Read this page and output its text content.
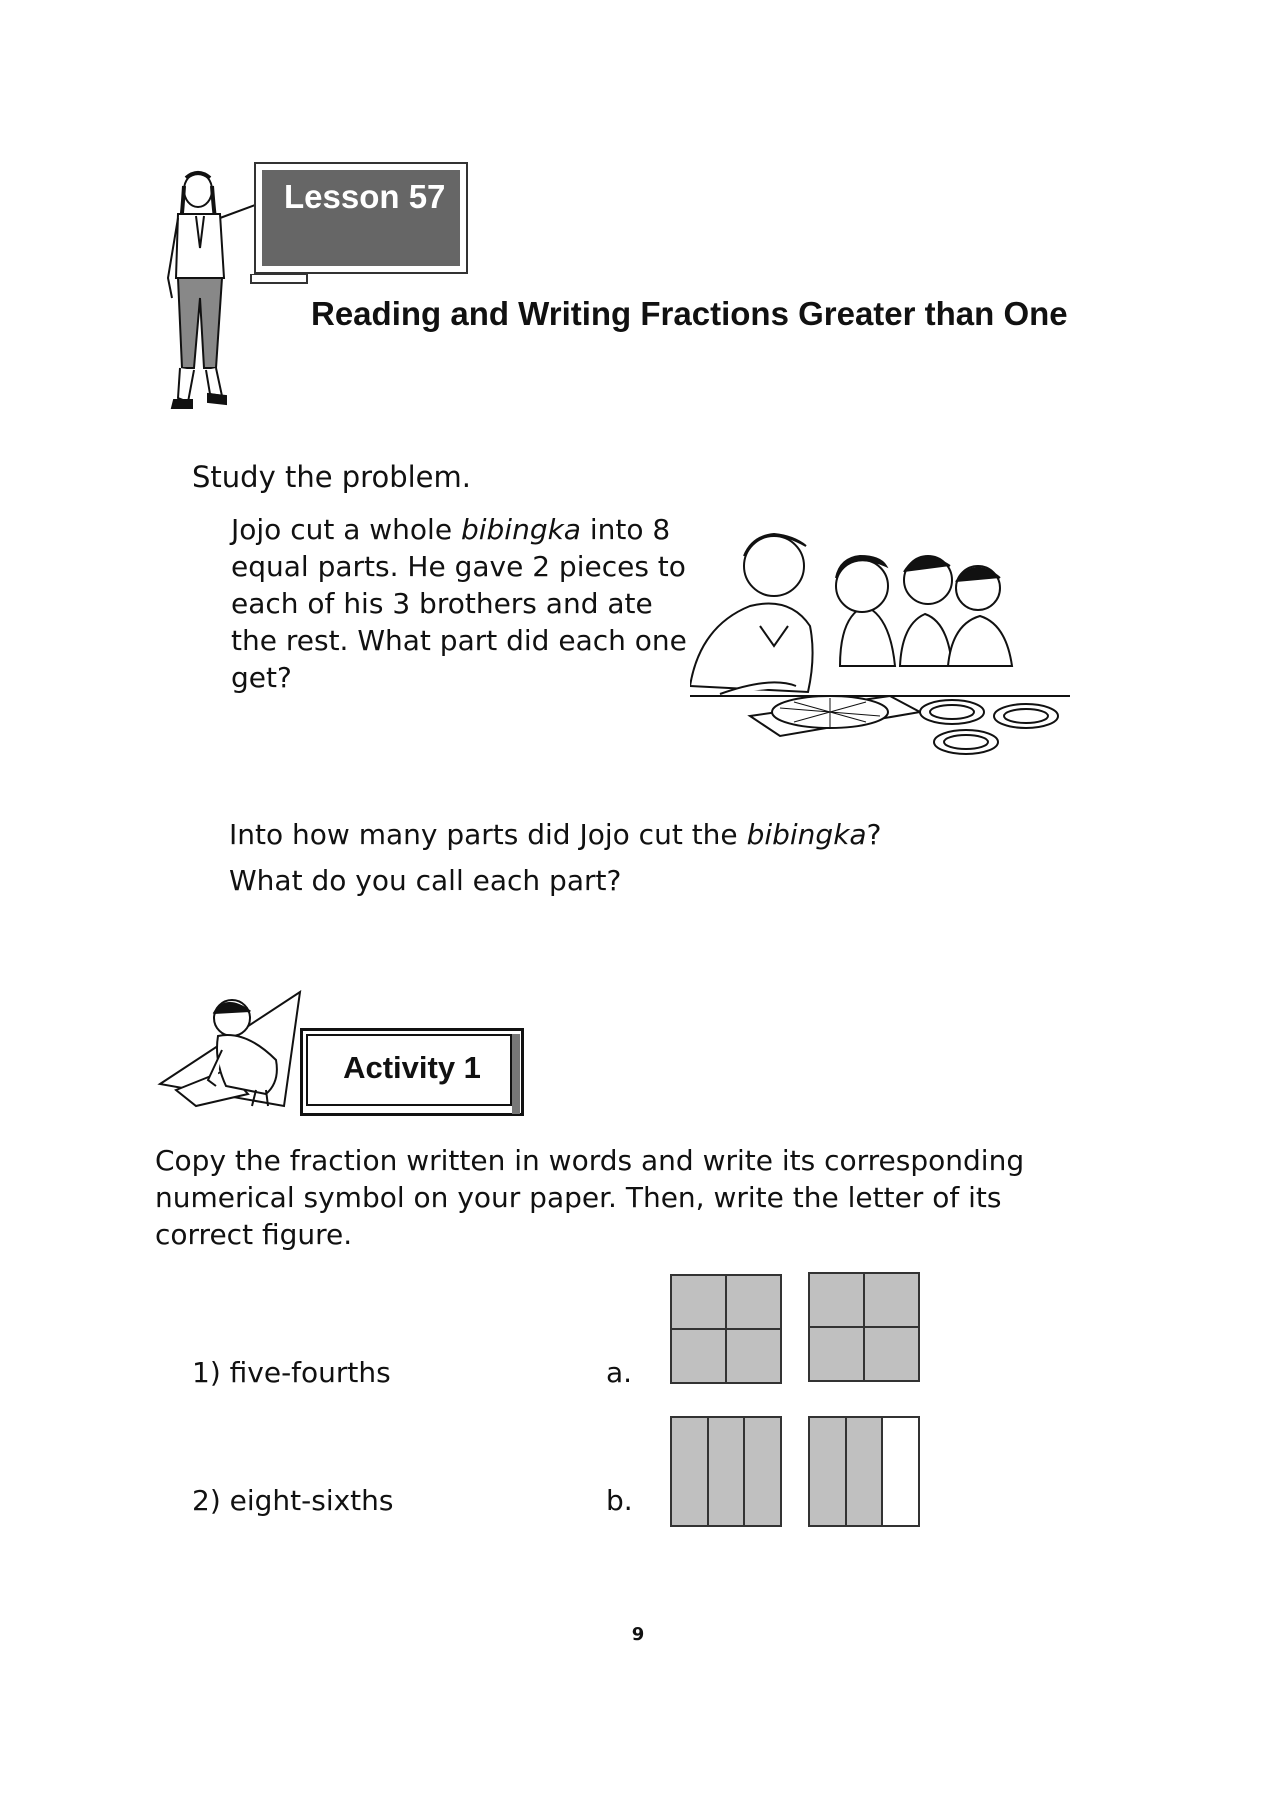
Lesson 57
Reading and Writing Fractions Greater than One
Study the problem.
Jojo cut a whole bibingka into 8 equal parts. He gave 2 pieces to each of his 3 brothers and ate the rest. What part did each one get?
Into how many parts did Jojo cut the bibingka?
What do you call each part?
Activity 1
Copy the fraction written in words and write its corresponding numerical symbol on your paper. Then, write the letter of its correct figure.
1) five-fourths
2) eight-sixths
a.
b.
9
